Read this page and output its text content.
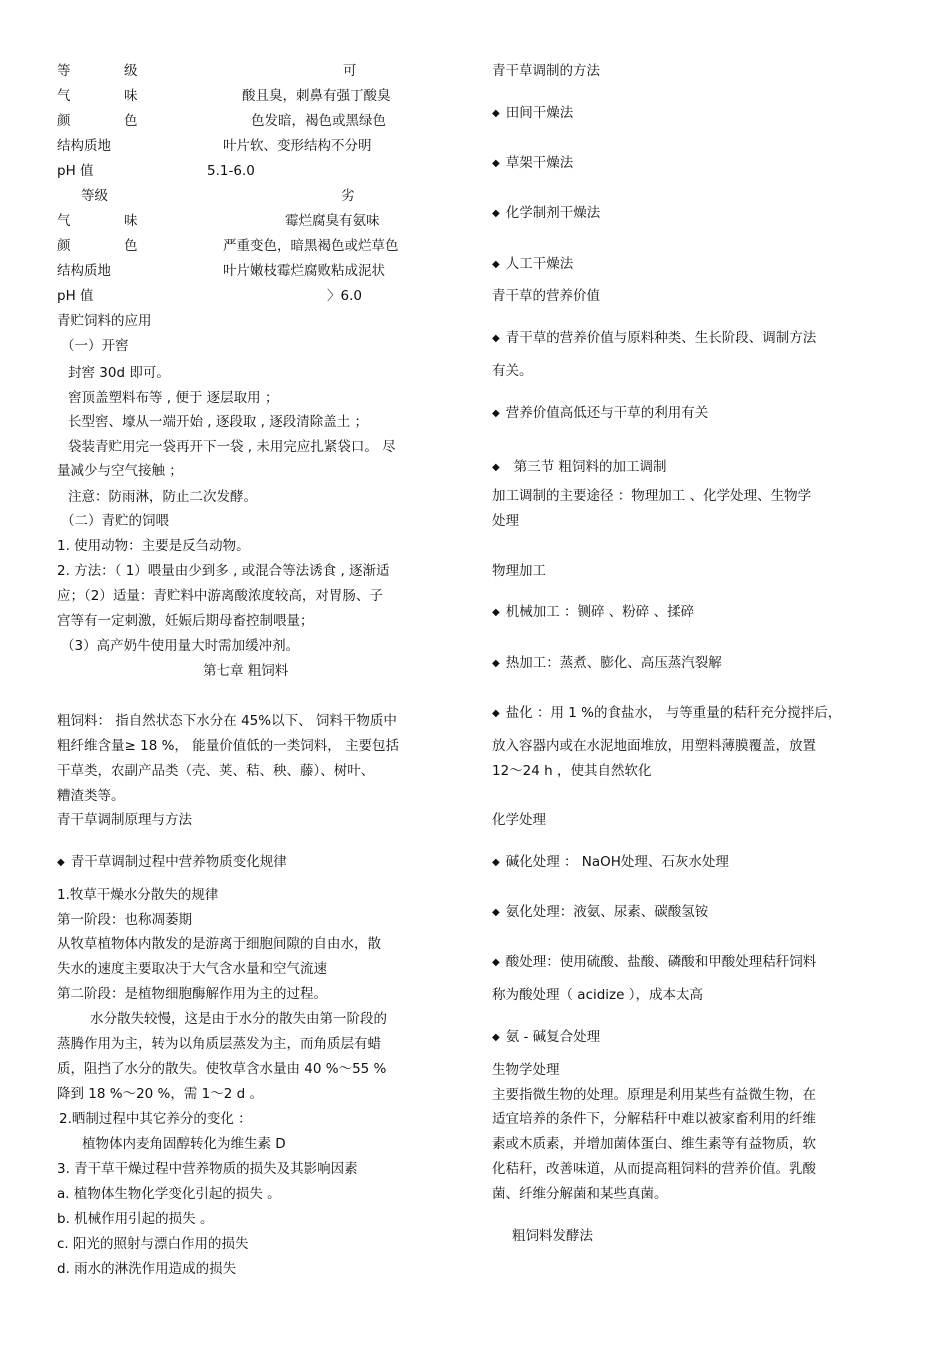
等	级	可
气	味	酸且臭，刺鼻有强丁酸臭
颜	色	色发暗，褐色或黑绿色
结构质地	叶片软、变形结构不分明
pH 值	5.1-6.0
等级	劣
气	味	霉烂腐臭有氨味
颜	色	严重变色，暗黑褐色或烂草色
结构质地	叶片嫩枝霉烂腐败粘成泥状
pH 值	〉6.0
青贮饲料的应用
（一）开窖
封窖 30d 即可。
窖顶盖塑料布等 , 便于 逐层取用 ；
长型窖、壕从一端开始 , 逐段取 , 逐段清除盖土 ；
袋装青贮用完一袋再开下一袋 , 未用完应扎紧袋口。 尽
量减少与空气接触 ；
注意：防雨淋，防止二次发酵。
（二）青贮的饲喂
1. 使用动物：主要是反刍动物。
2. 方法：（ 1）喂量由少到多 , 或混合等法诱食 , 逐渐适
应；（2）适量：青贮料中游离酸浓度较高，对胃肠、子
宫等有一定刺激，妊娠后期母畜控制喂量；
（3）高产奶牛使用量大时需加缓冲剂。
第七章 粗饲料
粗饲料： 指自然状态下水分在 45%以下、 饲料干物质中
粗纤维含量≥ 18 %， 能量价值低的一类饲料， 主要包括
干草类，农副产品类（壳、荚、秸、秧、藤）、树叶、
糟渣类等。
青干草调制原理与方法
◆ 青干草调制过程中营养物质变化规律
1.牧草干燥水分散失的规律
第一阶段：也称凋萎期
从牧草植物体内散发的是游离于细胞间隙的自由水，散
失水的速度主要取决于大气含水量和空气流速
第二阶段：是植物细胞酶解作用为主的过程。
水分散失较慢，这是由于水分的散失由第一阶段的
蒸腾作用为主，转为以角质层蒸发为主，而角质层有蜡
质，阻挡了水分的散失。使牧草含水量由 40 %～55 %
降到 18 %～20 %，需 1～2 d 。
2.晒制过程中其它养分的变化 ：
植物体内麦角固醇转化为维生素 D
3. 青干草干燥过程中营养物质的损失及其影响因素
a. 植物体生物化学变化引起的损失 。
b. 机械作用引起的损失 。
c. 阳光的照射与漂白作用的损失
d. 雨水的淋洗作用造成的损失
青干草调制的方法
◆ 田间干燥法
◆ 草架干燥法
◆ 化学制剂干燥法
◆ 人工干燥法
青干草的营养价值
◆ 青干草的营养价值与原料种类、生长阶段、调制方法
有关。
◆ 营养价值高低还与干草的利用有关
◆ 第三节 粗饲料的加工调制
加工调制的主要途径 ：物理加工 、化学处理、生物学
处理
物理加工
◆ 机械加工 ：铡碎 、粉碎 、揉碎
◆ 热加工：蒸煮、膨化、高压蒸汽裂解
◆ 盐化 ：用 1 %的食盐水， 与等重量的秸秆充分搅拌后，
放入容器内或在水泥地面堆放，用塑料薄膜覆盖，放置
12～24 h ，使其自然软化
化学处理
◆ 碱化处理 ： NaOH处理、石灰水处理
◆ 氨化处理：液氨、尿素、碳酸氢铵
◆ 酸处理：使用硫酸、盐酸、磷酸和甲酸处理秸秆饲料
称为酸处理（ acidize ），成本太高
◆ 氨 - 碱复合处理
生物学处理
主要指微生物的处理。原理是利用某些有益微生物，在
适宜培养的条件下，分解秸秆中难以被家畜利用的纤维
素或木质素，并增加菌体蛋白、维生素等有益物质，软
化秸秆，改善味道，从而提高粗饲料的营养价值。乳酸
菌、纤维分解菌和某些真菌。
粗饲料发酵法
